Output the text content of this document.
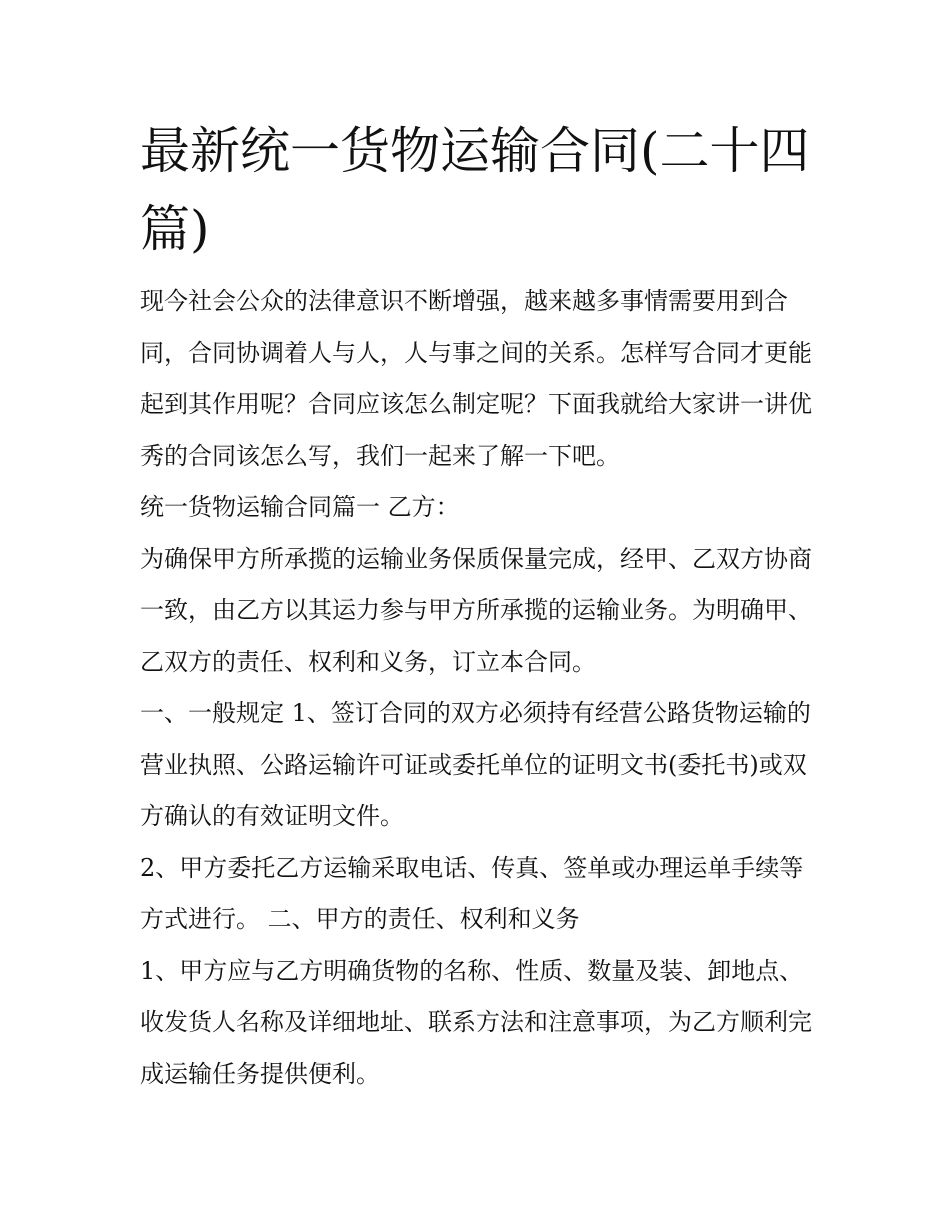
最新统一货物运输合同(二十四篇)

现今社会公众的法律意识不断增强，越来越多事情需要用到合同，合同协调着人与人，人与事之间的关系。怎样写合同才更能起到其作用呢？合同应该怎么制定呢？下面我就给大家讲一讲优秀的合同该怎么写，我们一起来了解一下吧。

统一货物运输合同篇一 乙方：

为确保甲方所承揽的运输业务保质保量完成，经甲、乙双方协商一致，由乙方以其运力参与甲方所承揽的运输业务。为明确甲、乙双方的责任、权利和义务，订立本合同。

一、一般规定 1、签订合同的双方必须持有经营公路货物运输的营业执照、公路运输许可证或委托单位的证明文书(委托书)或双方确认的有效证明文件。

2、甲方委托乙方运输采取电话、传真、签单或办理运单手续等方式进行。 二、甲方的责任、权利和义务

1、甲方应与乙方明确货物的名称、性质、数量及装、卸地点、收发货人名称及详细地址、联系方法和注意事项，为乙方顺利完成运输任务提供便利。
